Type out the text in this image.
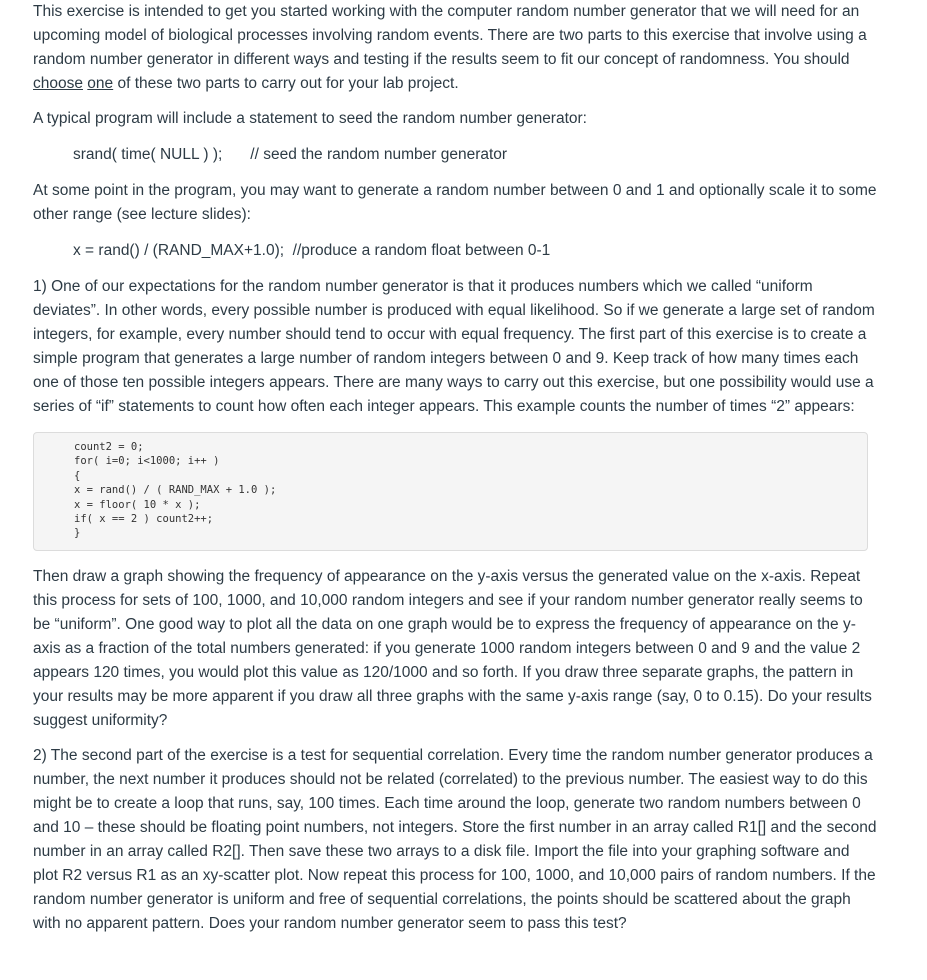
This exercise is intended to get you started working with the computer random number generator that we will need for an upcoming model of biological processes involving random events. There are two parts to this exercise that involve using a random number generator in different ways and testing if the results seem to fit our concept of randomness. You should choose one of these two parts to carry out for your lab project.

A typical program will include a statement to seed the random number generator:

srand( time( NULL ) ); // seed the random number generator

At some point in the program, you may want to generate a random number between 0 and 1 and optionally scale it to some other range (see lecture slides):

x = rand() / (RAND_MAX+1.0);  //produce a random float between 0-1

1) One of our expectations for the random number generator is that it produces numbers which we called “uniform deviates”. In other words, every possible number is produced with equal likelihood. So if we generate a large set of random integers, for example, every number should tend to occur with equal frequency. The first part of this exercise is to create a simple program that generates a large number of random integers between 0 and 9. Keep track of how many times each one of those ten possible integers appears. There are many ways to carry out this exercise, but one possibility would use a series of “if” statements to count how often each integer appears. This example counts the number of times “2” appears:

count2 = 0;
for( i=0; i<1000; i++ )
{
x = rand() / ( RAND_MAX + 1.0 );
x = floor( 10 * x );
if( x == 2 ) count2++;
}

Then draw a graph showing the frequency of appearance on the y-axis versus the generated value on the x-axis. Repeat this process for sets of 100, 1000, and 10,000 random integers and see if your random number generator really seems to be “uniform”. One good way to plot all the data on one graph would be to express the frequency of appearance on the y-axis as a fraction of the total numbers generated: if you generate 1000 random integers between 0 and 9 and the value 2 appears 120 times, you would plot this value as 120/1000 and so forth. If you draw three separate graphs, the pattern in your results may be more apparent if you draw all three graphs with the same y-axis range (say, 0 to 0.15). Do your results suggest uniformity?

2) The second part of the exercise is a test for sequential correlation. Every time the random number generator produces a number, the next number it produces should not be related (correlated) to the previous number. The easiest way to do this might be to create a loop that runs, say, 100 times. Each time around the loop, generate two random numbers between 0 and 10 – these should be floating point numbers, not integers. Store the first number in an array called R1[] and the second number in an array called R2[]. Then save these two arrays to a disk file. Import the file into your graphing software and plot R2 versus R1 as an xy-scatter plot. Now repeat this process for 100, 1000, and 10,000 pairs of random numbers. If the random number generator is uniform and free of sequential correlations, the points should be scattered about the graph with no apparent pattern. Does your random number generator seem to pass this test?
